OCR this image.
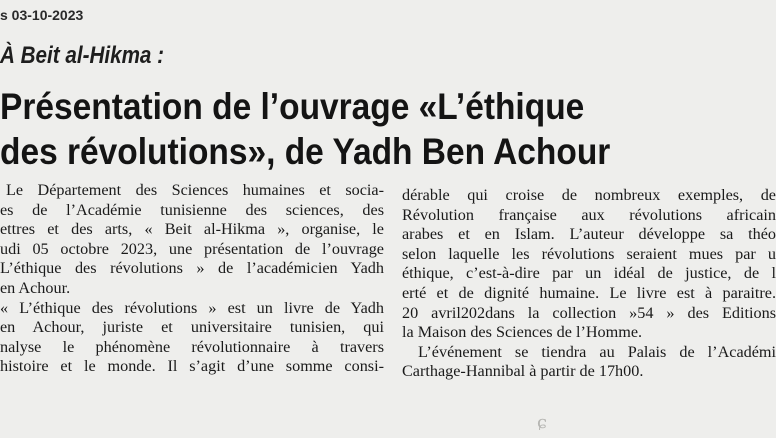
s 03-10-2023
À Beit al-Hikma :
Présentation de l’ouvrage «L’éthique
des révolutions», de Yadh Ben Achour
Le Département des Sciences humaines et socia-
es de l’Académie tunisienne des sciences, des
ettres et des arts, « Beit al-Hikma », organise, le
udi 05 octobre 2023, une présentation de l’ouvrage
L’éthique des révolutions » de l’académicien Yadh
en Achour.
« L’éthique des révolutions » est un livre de Yadh
en Achour, juriste et universitaire tunisien, qui
nalyse le phénomène révolutionnaire à travers
histoire et le monde. Il s’agit d’une somme consi-
dérable qui croise de nombreux exemples, de
Révolution française aux révolutions africain
arabes et en Islam. L’auteur développe sa théo
selon laquelle les révolutions seraient mues par u
éthique, c’est-à-dire par un idéal de justice, de l
erté et de dignité humaine. Le livre est à paraitre.
20 avril202dans la collection »54 » des Editions
la Maison des Sciences de l’Homme.
L’événement se tiendra au Palais de l’Académi
Carthage-Hannibal à partir de 17h00.
ɕ
